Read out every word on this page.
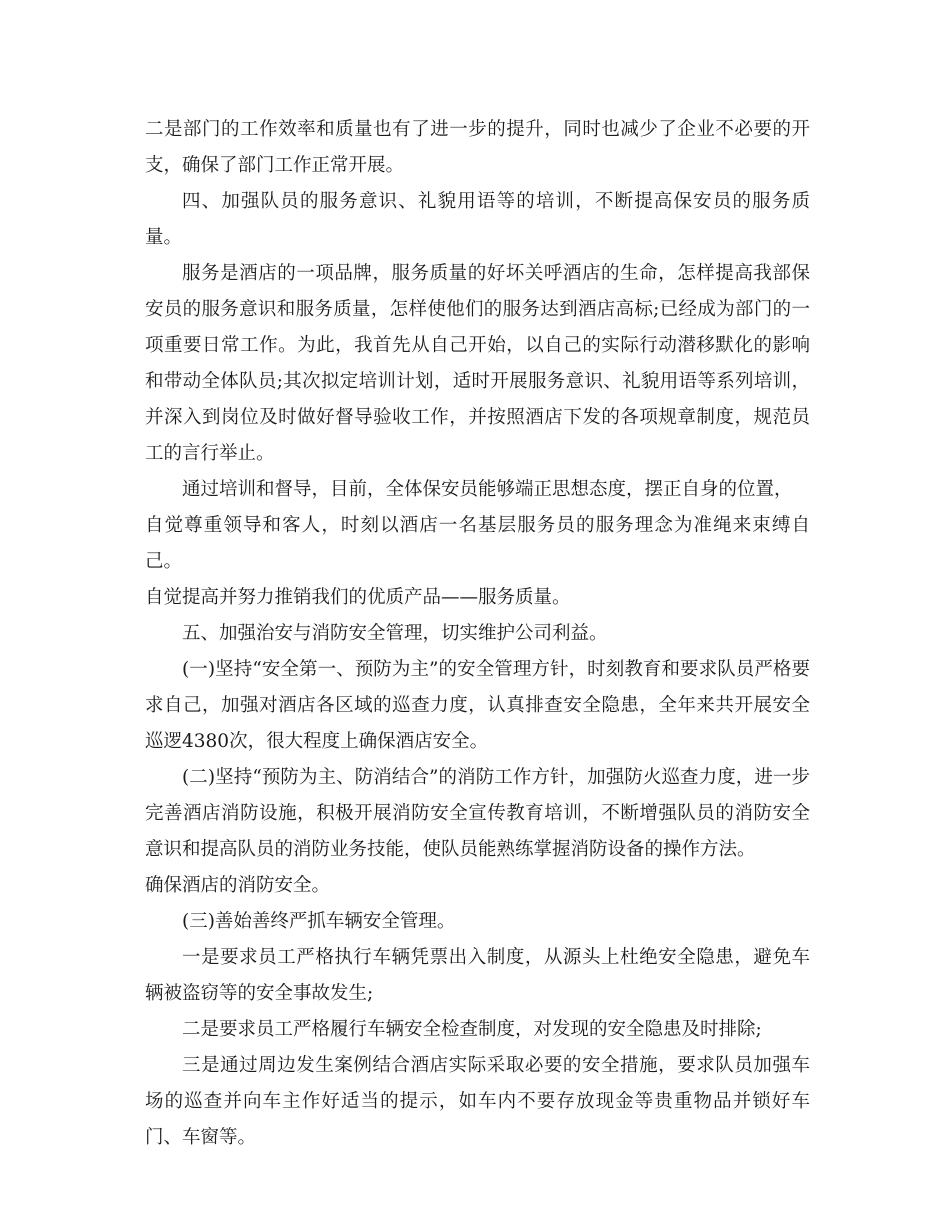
二是部门的工作效率和质量也有了进一步的提升，同时也减少了企业不必要的开支，确保了部门工作正常开展。

四、加强队员的服务意识、礼貌用语等的培训，不断提高保安员的服务质量。

服务是酒店的一项品牌，服务质量的好坏关呼酒店的生命，怎样提高我部保安员的服务意识和服务质量，怎样使他们的服务达到酒店高标;已经成为部门的一项重要日常工作。为此，我首先从自己开始，以自己的实际行动潜移默化的影响和带动全体队员;其次拟定培训计划，适时开展服务意识、礼貌用语等系列培训，并深入到岗位及时做好督导验收工作，并按照酒店下发的各项规章制度，规范员工的言行举止。

通过培训和督导，目前，全体保安员能够端正思想态度，摆正自身的位置，

自觉尊重领导和客人，时刻以酒店一名基层服务员的服务理念为准绳来束缚自己。

自觉提高并努力推销我们的优质产品——服务质量。

五、加强治安与消防安全管理，切实维护公司利益。

(一)坚持“安全第一、预防为主”的安全管理方针，时刻教育和要求队员严格要求自己，加强对酒店各区域的巡查力度，认真排查安全隐患，全年来共开展安全巡逻4380次，很大程度上确保酒店安全。

(二)坚持“预防为主、防消结合”的消防工作方针，加强防火巡查力度，进一步完善酒店消防设施，积极开展消防安全宣传教育培训，不断增强队员的消防安全意识和提高队员的消防业务技能，使队员能熟练掌握消防设备的操作方法。

确保酒店的消防安全。

(三)善始善终严抓车辆安全管理。

一是要求员工严格执行车辆凭票出入制度，从源头上杜绝安全隐患，避免车辆被盗窃等的安全事故发生;

二是要求员工严格履行车辆安全检查制度，对发现的安全隐患及时排除;

三是通过周边发生案例结合酒店实际采取必要的安全措施，要求队员加强车场的巡查并向车主作好适当的提示，如车内不要存放现金等贵重物品并锁好车门、车窗等。
